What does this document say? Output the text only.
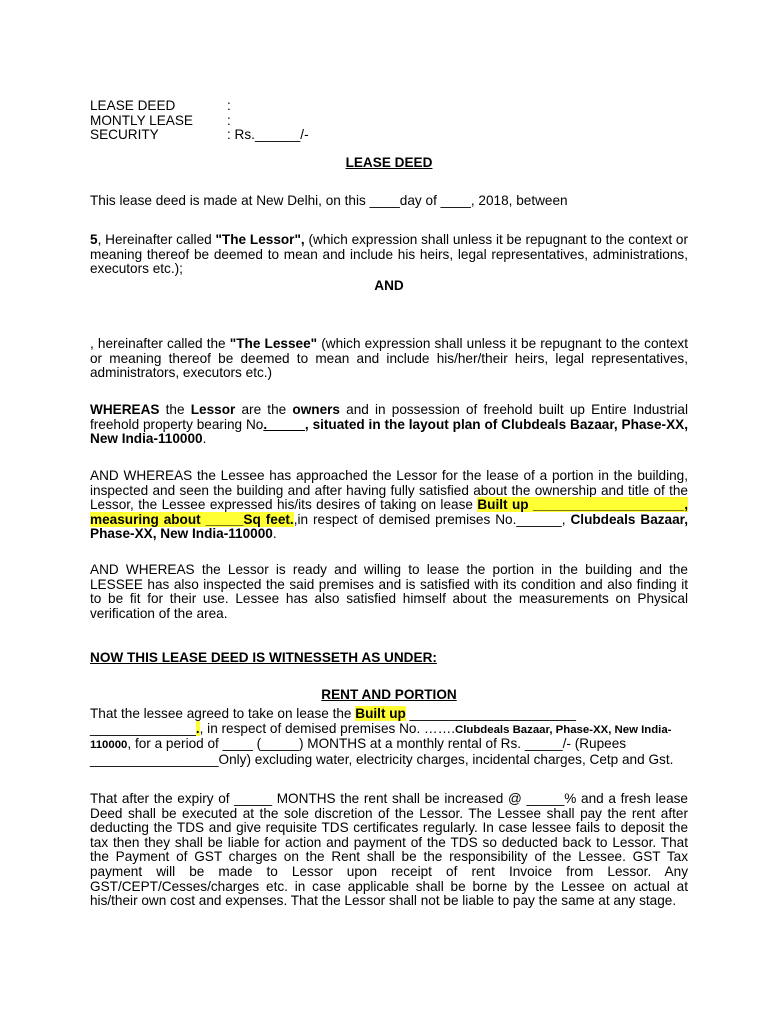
LEASE DEED	:
MONTLY LEASE	:
SECURITY	: Rs.______/-
LEASE DEED
This lease deed is made at New Delhi, on this ____day of ____, 2018, between
5, Hereinafter called "The Lessor", (which expression shall unless it be repugnant to the context or meaning thereof be deemed to mean and include his heirs, legal representatives, administrations, executors etc.);
AND
, hereinafter called the "The Lessee" (which expression shall unless it be repugnant to the context or meaning thereof be deemed to mean and include his/her/their heirs, legal representatives, administrators, executors etc.)
WHEREAS the Lessor are the owners and in possession of freehold built up Entire Industrial freehold property bearing No._____, situated in the layout plan of Clubdeals Bazaar, Phase-XX, New India-110000.
AND WHEREAS the Lessee has approached the Lessor for the lease of a portion in the building, inspected and seen the building and after having fully satisfied about the ownership and title of the Lessor, the Lessee expressed his/its desires of taking on lease Built up ____________________, measuring about _____Sq feet.,in respect of demised premises No.______, Clubdeals Bazaar, Phase-XX, New India-110000.
AND WHEREAS the Lessor is ready and willing to lease the portion in the building and the LESSEE has also inspected the said premises and is satisfied with its condition and also finding it to be fit for their use. Lessee has also satisfied himself about the measurements on Physical verification of the area.
NOW THIS LEASE DEED IS WITNESSETH AS UNDER:
RENT AND PORTION
That the lessee agreed to take on lease the Built up ______________________
______________., in respect of demised premises No. …….Clubdeals Bazaar, Phase-XX, New India-110000, for a period of ____ (_____) MONTHS at a monthly rental of Rs. _____/- (Rupees _________________Only) excluding water, electricity charges, incidental charges, Cetp and Gst.
That after the expiry of _____ MONTHS the rent shall be increased @ _____% and a fresh lease Deed shall be executed at the sole discretion of the Lessor. The Lessee shall pay the rent after deducting the TDS and give requisite TDS certificates regularly. In case lessee fails to deposit the tax then they shall be liable for action and payment of the TDS so deducted back to Lessor. That the Payment of GST charges on the Rent shall be the responsibility of the Lessee. GST Tax payment will be made to Lessor upon receipt of rent Invoice from Lessor. Any GST/CEPT/Cesses/charges etc. in case applicable shall be borne by the Lessee on actual at his/their own cost and expenses. That the Lessor shall not be liable to pay the same at any stage.
